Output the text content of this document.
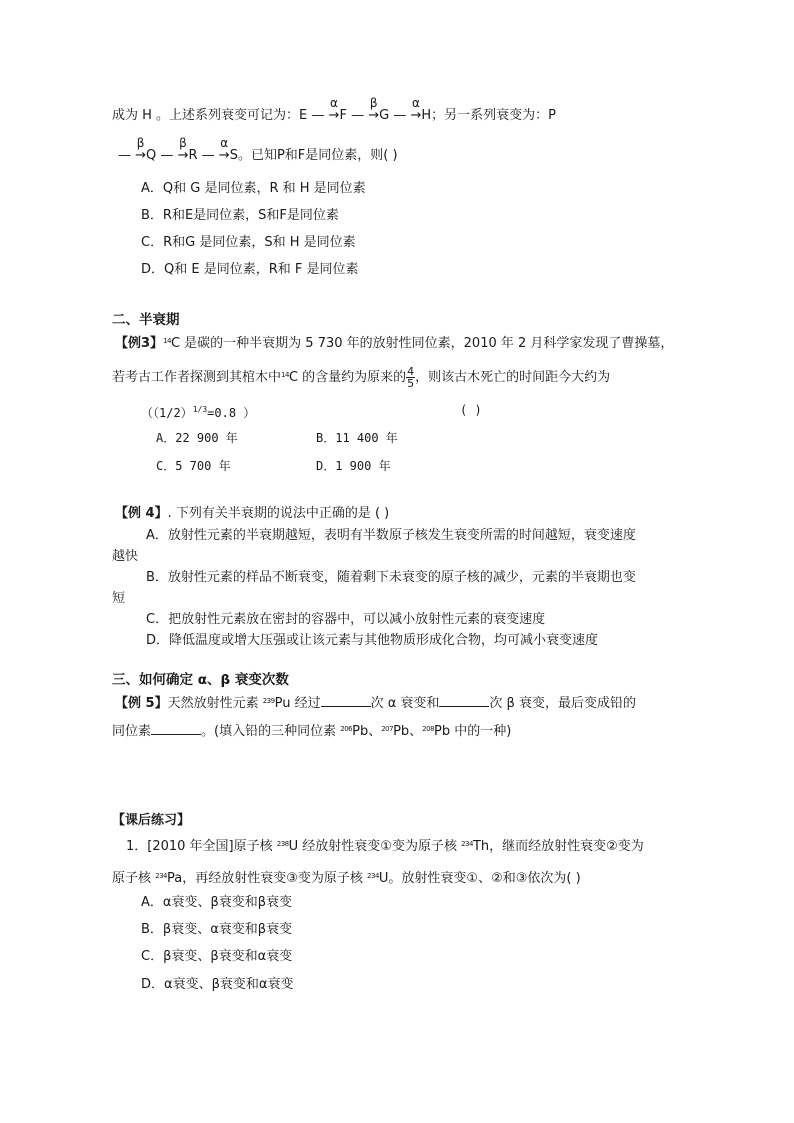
成为 H 。上述系列衰变可记为：E —
α
→F —
β
→G —
α
→H；另一系列衰变为：P
—
β
→Q —
β
→R —
α
→S。已知P和F是同位素，则( )
A．Q和 G 是同位素，R 和 H 是同位素
B．R和E是同位素，S和F是同位素
C．R和G 是同位素，S和 H 是同位素
D．Q和 E 是同位素，R和 F 是同位素
二、半衰期
【例3】$^{14}$C 是碳的一种半衰期为 5 730 年的放射性同位素，2010 年 2 月科学家发现了曹操墓，
若考古工作者探测到其棺木中$^{14}$C 的含量约为原来的 $\frac{4}{5}$ ，则该古木死亡的时间距今大约为
（$(1/2)^{1/3}=0.8$ ）	( )
A．22 900 年	B．11 400 年
C．5 700 年	D．1 900 年
【例 4】. 下列有关半衰期的说法中正确的是 ( )
A．放射性元素的半衰期越短，表明有半数原子核发生衰变所需的时间越短，衰变速度
越快
B．放射性元素的样品不断衰变，随着剩下未衰变的原子核的减少，元素的半衰期也变
短
C．把放射性元素放在密封的容器中，可以减小放射性元素的衰变速度
D．降低温度或增大压强或让该元素与其他物质形成化合物，均可减小衰变速度
三、如何确定 α、β 衰变次数
【例 5】天然放射性元素 $^{239}$Pu 经过	次 α 衰变和	次 β 衰变，最后变成铅的
同位素	。(填入铅的三种同位素 $^{206}$Pb、$^{207}$Pb、$^{208}$Pb 中的一种)
【课后练习】
1．[2010 年全国]原子核 $^{238}$U 经放射性衰变①变为原子核 $^{234}$Th，继而经放射性衰变②变为
原子核 $^{234}$Pa，再经放射性衰变③变为原子核 $^{234}$U。放射性衰变①、②和③依次为( )
A．α衰变、β衰变和β衰变
B．β衰变、α衰变和β衰变
C．β衰变、β衰变和α衰变
D．α衰变、β衰变和α衰变
